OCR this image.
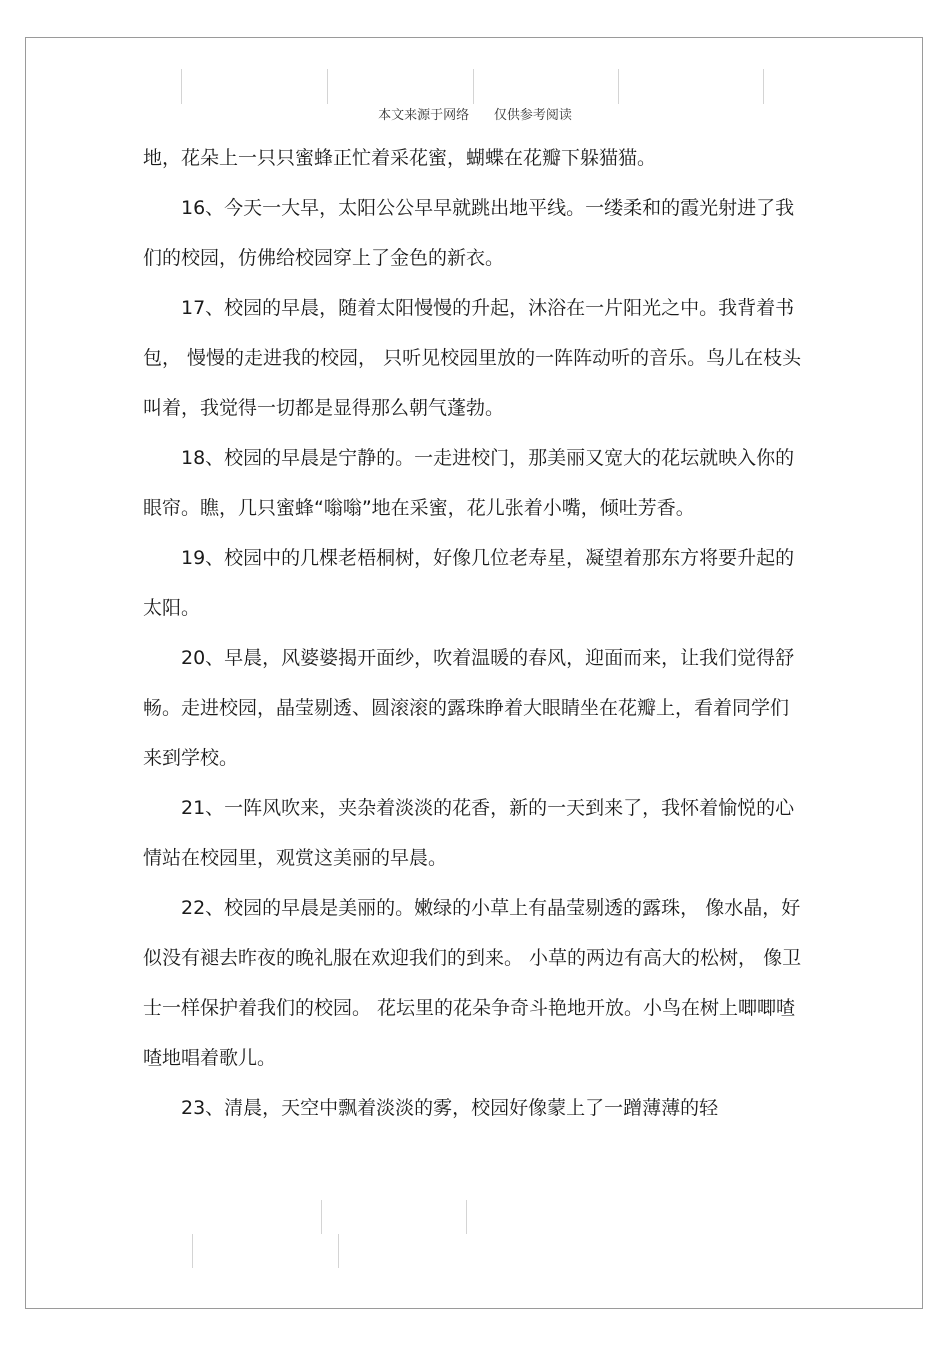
本文来源于网络 仅供参考阅读

地，花朵上一只只蜜蜂正忙着采花蜜，蝴蝶在花瓣下躲猫猫。

16、今天一大早，太阳公公早早就跳出地平线。一缕柔和的霞光射进了我们的校园，仿佛给校园穿上了金色的新衣。

17、校园的早晨，随着太阳慢慢的升起，沐浴在一片阳光之中。我背着书包， 慢慢的走进我的校园， 只听见校园里放的一阵阵动听的音乐。鸟儿在枝头叫着，我觉得一切都是显得那么朝气蓬勃。

18、校园的早晨是宁静的。一走进校门，那美丽又宽大的花坛就映入你的眼帘。瞧，几只蜜蜂“嗡嗡”地在采蜜，花儿张着小嘴，倾吐芳香。

19、校园中的几棵老梧桐树，好像几位老寿星，凝望着那东方将要升起的太阳。

20、早晨，风婆婆揭开面纱，吹着温暖的春风，迎面而来，让我们觉得舒畅。走进校园，晶莹剔透、圆滚滚的露珠睁着大眼睛坐在花瓣上，看着同学们来到学校。

21、一阵风吹来，夹杂着淡淡的花香，新的一天到来了，我怀着愉悦的心情站在校园里，观赏这美丽的早晨。

22、校园的早晨是美丽的。嫩绿的小草上有晶莹剔透的露珠， 像水晶，好似没有褪去昨夜的晚礼服在欢迎我们的到来。 小草的两边有高大的松树， 像卫士一样保护着我们的校园。 花坛里的花朵争奇斗艳地开放。小鸟在树上唧唧喳喳地唱着歌儿。

23、清晨，天空中飘着淡淡的雾，校园好像蒙上了一蹭薄薄的轻
